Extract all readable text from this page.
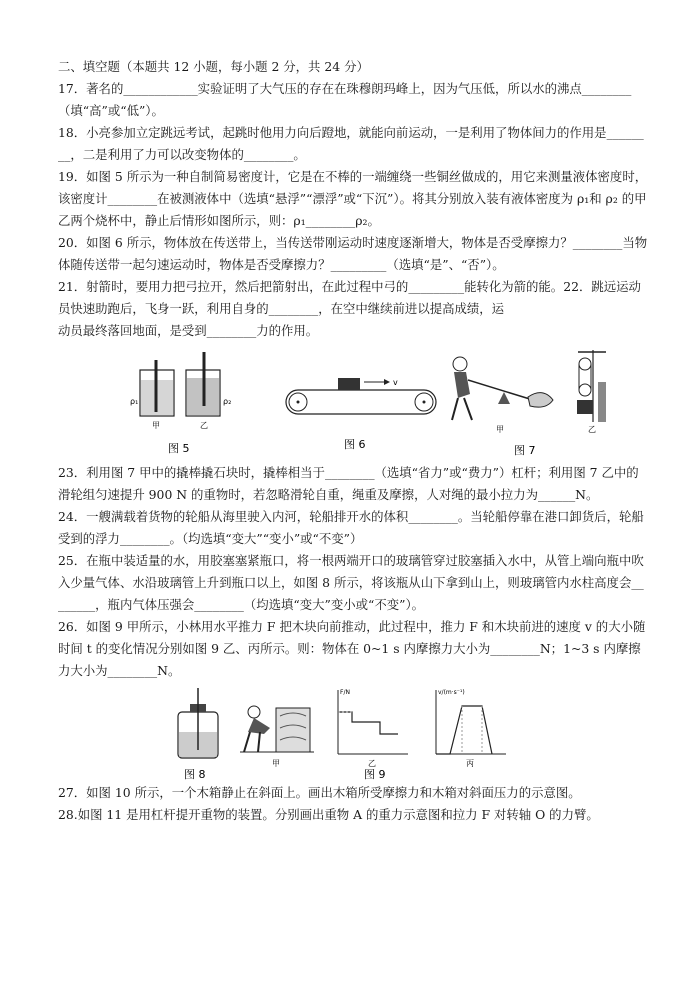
二、填空题（本题共 12 小题，每小题 2 分，共 24 分）

17．著名的____________实验证明了大气压的存在在珠穆朗玛峰上，因为气压低，所以水的沸点________（填“高”或“低”）。

18．小亮参加立定跳远考试，起跳时他用力向后蹬地，就能向前运动，一是利用了物体间力的作用是________，二是利用了力可以改变物体的________。

19．如图 5 所示为一种自制简易密度计，它是在不棒的一端缠绕一些铜丝做成的，用它来测量液体密度时，该密度计________在被测液体中（选填“悬浮”“漂浮”或“下沉”）。将其分别放入装有液体密度为 ρ₁和 ρ₂ 的甲乙两个烧杯中，静止后情形如图所示，则：ρ₁________ρ₂。

20．如图 6 所示，物体放在传送带上，当传送带刚运动时速度逐渐增大，物体是否受摩擦力？________当物体随传送带一起匀速运动时，物体是否受摩擦力？_________（选填“是”、“否”）。

21．射箭时，要用力把弓拉开，然后把箭射出，在此过程中弓的_________能转化为箭的能。22．跳远运动员快速助跑后，飞身一跃，利用自身的________，在空中继续前进以提高成绩，运

动员最终落回地面，是受到________力的作用。

ρ₁	ρ₂
甲	乙
图 5
v
图 6
甲	乙
图 7

23．利用图 7 甲中的撬棒撬石块时，撬棒相当于________（选填“省力”或“费力”）杠杆；利用图 7 乙中的滑轮组匀速提升 900 N 的重物时，若忽略滑轮自重，绳重及摩擦，人对绳的最小拉力为______N。

24．一艘满载着货物的轮船从海里驶入内河，轮船排开水的体积________。当轮船停靠在港口卸货后，轮船受到的浮力________。（均选填“变大”“变小”或“不变”）

25．在瓶中装适量的水，用胶塞塞紧瓶口，将一根两端开口的玻璃管穿过胶塞插入水中，从管上端向瓶中吹入少量气体、水沿玻璃管上升到瓶口以上，如图 8 所示，将该瓶从山下拿到山上，则玻璃管内水柱高度会________，瓶内气体压强会________（均选填“变大”变小或“不变”）。

26．如图 9 甲所示，小林用水平推力 F 把木块向前推动，此过程中，推力 F 和木块前进的速度 v 的大小随时间 t 的变化情况分别如图 9 乙、丙所示。则：物体在 0~1 s 内摩擦力大小为________N；1~3 s 内摩擦力大小为________N。

图 8
甲
F/N
乙
v/(m·s⁻¹)
丙
图 9

27．如图 10 所示，一个木箱静止在斜面上。画出木箱所受摩擦力和木箱对斜面压力的示意图。

28.如图 11 是用杠杆提开重物的装置。分别画出重物 A 的重力示意图和拉力 F 对转轴 O 的力臂。
